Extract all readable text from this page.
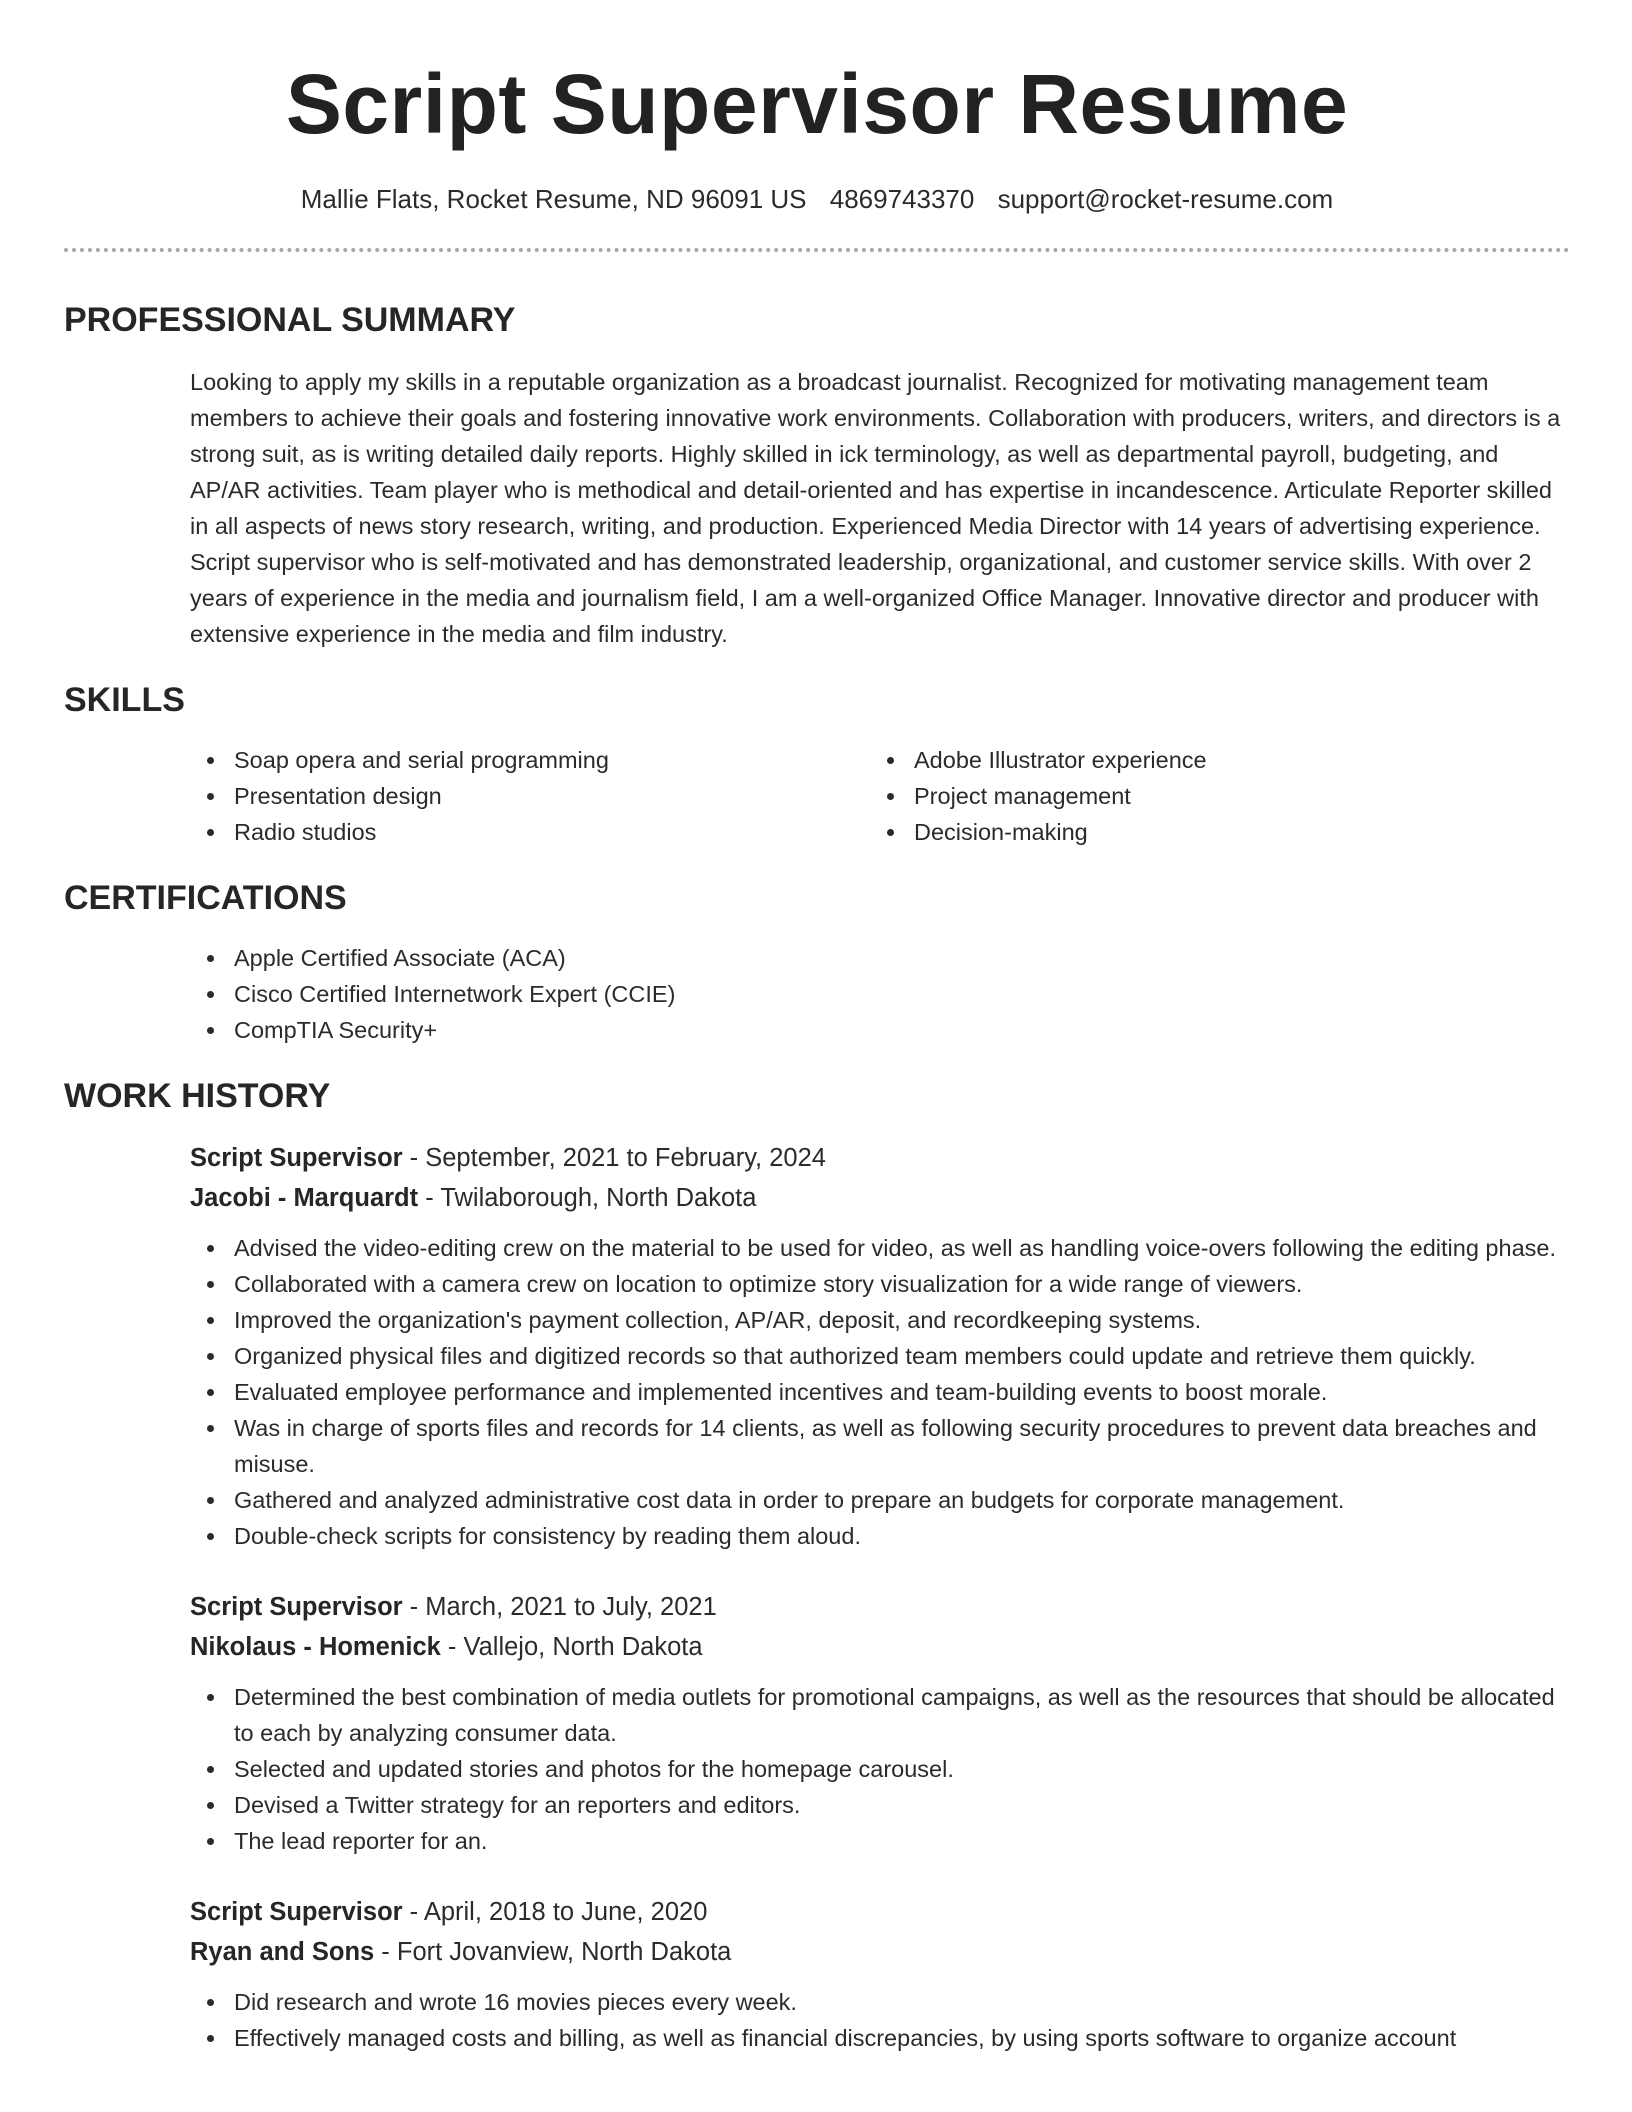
Script Supervisor Resume
Mallie Flats, Rocket Resume, ND 96091 US 4869743370 support@rocket-resume.com
PROFESSIONAL SUMMARY

Looking to apply my skills in a reputable organization as a broadcast journalist. Recognized for motivating management team members to achieve their goals and fostering innovative work environments. Collaboration with producers, writers, and directors is a strong suit, as is writing detailed daily reports. Highly skilled in ick terminology, as well as departmental payroll, budgeting, and AP/AR activities. Team player who is methodical and detail-oriented and has expertise in incandescence. Articulate Reporter skilled in all aspects of news story research, writing, and production. Experienced Media Director with 14 years of advertising experience. Script supervisor who is self-motivated and has demonstrated leadership, organizational, and customer service skills. With over 2 years of experience in the media and journalism field, I am a well-organized Office Manager. Innovative director and producer with extensive experience in the media and film industry.

SKILLS
Soap opera and serial programming
Presentation design
Radio studios
Adobe Illustrator experience
Project management
Decision-making
CERTIFICATIONS
Apple Certified Associate (ACA)
Cisco Certified Internetwork Expert (CCIE)
CompTIA Security+
WORK HISTORY
Script Supervisor - September, 2021 to February, 2024
Jacobi - Marquardt - Twilaborough, North Dakota
Advised the video-editing crew on the material to be used for video, as well as handling voice-overs following the editing phase.
Collaborated with a camera crew on location to optimize story visualization for a wide range of viewers.
Improved the organization's payment collection, AP/AR, deposit, and recordkeeping systems.
Organized physical files and digitized records so that authorized team members could update and retrieve them quickly.
Evaluated employee performance and implemented incentives and team-building events to boost morale.
Was in charge of sports files and records for 14 clients, as well as following security procedures to prevent data breaches and misuse.
Gathered and analyzed administrative cost data in order to prepare an budgets for corporate management.
Double-check scripts for consistency by reading them aloud.
Script Supervisor - March, 2021 to July, 2021
Nikolaus - Homenick - Vallejo, North Dakota
Determined the best combination of media outlets for promotional campaigns, as well as the resources that should be allocated to each by analyzing consumer data.
Selected and updated stories and photos for the homepage carousel.
Devised a Twitter strategy for an reporters and editors.
The lead reporter for an.
Script Supervisor - April, 2018 to June, 2020
Ryan and Sons - Fort Jovanview, North Dakota
Did research and wrote 16 movies pieces every week.
Effectively managed costs and billing, as well as financial discrepancies, by using sports software to organize account
